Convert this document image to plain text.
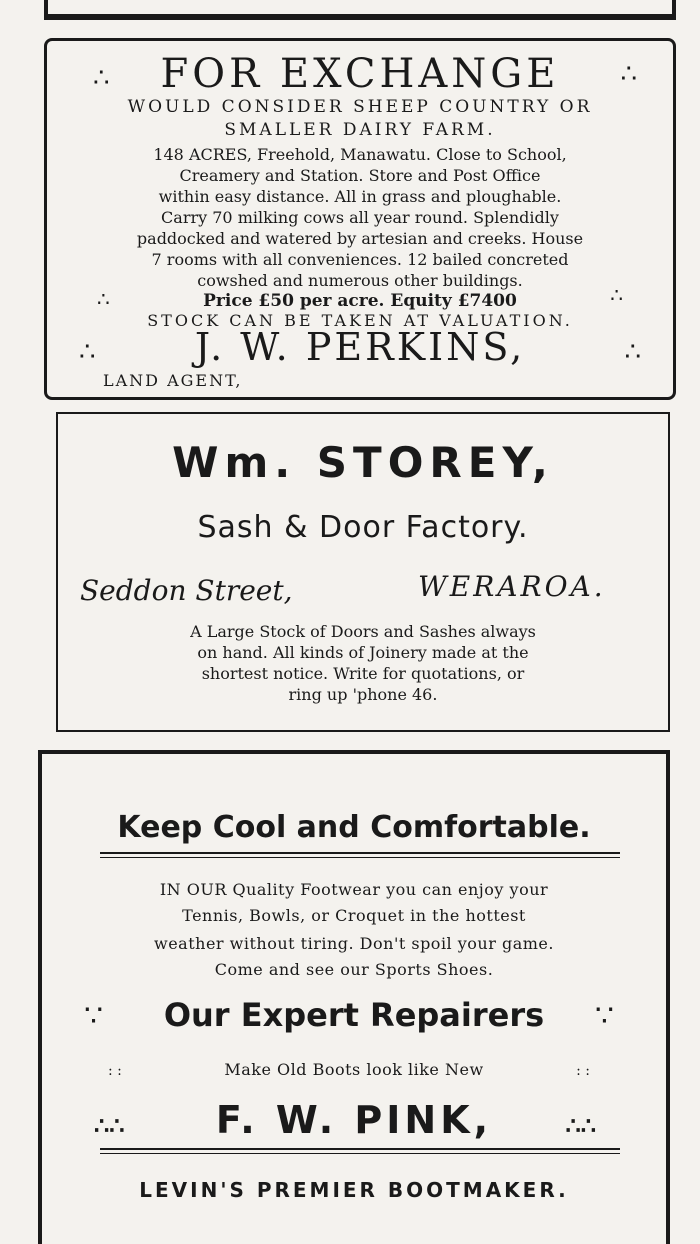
∴	∴
FOR EXCHANGE
WOULD CONSIDER SHEEP COUNTRY OR
SMALLER DAIRY FARM.
148 ACRES, Freehold, Manawatu. Close to School,
Creamery and Station. Store and Post Office
within easy distance. All in grass and ploughable.
Carry 70 milking cows all year round. Splendidly
paddocked and watered by artesian and creeks. House
7 rooms with all conveniences. 12 bailed concreted
cowshed and numerous other buildings.
∴	∴
Price £50 per acre. Equity £7400
STOCK CAN BE TAKEN AT VALUATION.
∴	∴
J. W. PERKINS,
LAND AGENT,
Wm. STOREY,
Sash & Door Factory.
Seddon Street,	WERAROA.
A Large Stock of Doors and Sashes always
on hand. All kinds of Joinery made at the
shortest notice. Write for quotations, or
ring up 'phone 46.
Keep Cool and Comfortable.
IN OUR Quality Footwear you can enjoy your
Tennis, Bowls, or Croquet in the hottest
weather without tiring. Don't spoil your game.
Come and see our Sports Shoes.
∵	∵
Our Expert Repairers
: :	: :
Make Old Boots look like New
∴∴	∴∴
F. W. PINK,
LEVIN'S PREMIER BOOTMAKER.
